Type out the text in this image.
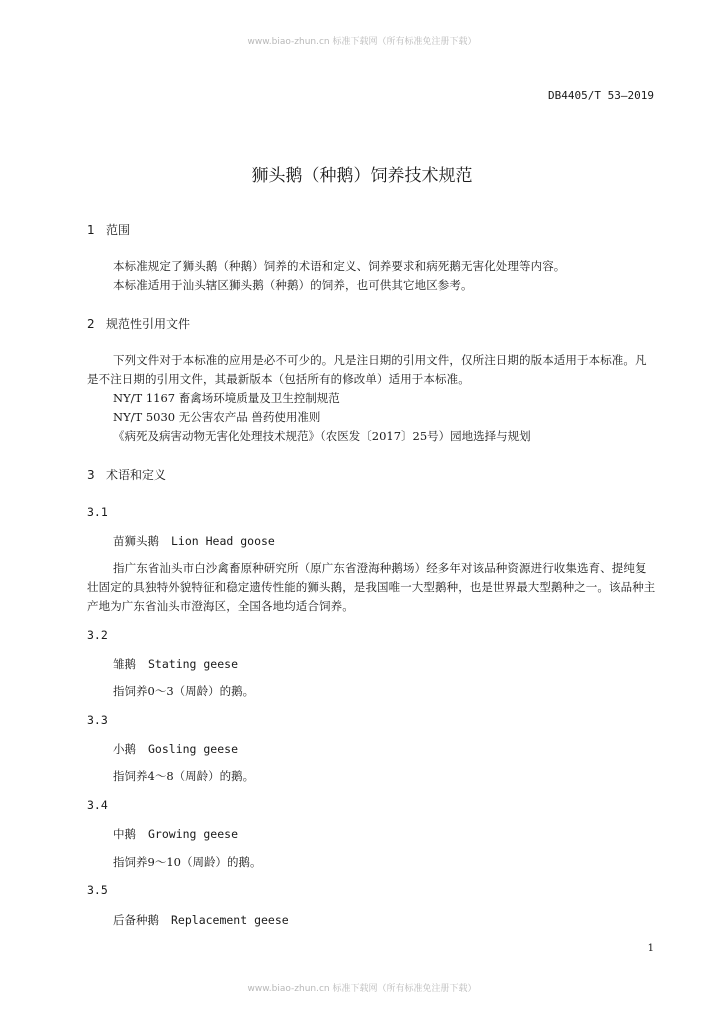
www.biao-zhun.cn 标准下载网（所有标准免注册下载）
DB4405/T 53—2019
狮头鹅（种鹅）饲养技术规范
1 范围
本标准规定了狮头鹅（种鹅）饲养的术语和定义、饲养要求和病死鹅无害化处理等内容。
本标准适用于汕头辖区狮头鹅（种鹅）的饲养，也可供其它地区参考。
2 规范性引用文件
下列文件对于本标准的应用是必不可少的。凡是注日期的引用文件，仅所注日期的版本适用于本标准。凡是不注日期的引用文件，其最新版本（包括所有的修改单）适用于本标准。
NY/T 1167 畜禽场环境质量及卫生控制规范
NY/T 5030 无公害农产品 兽药使用准则
《病死及病害动物无害化处理技术规范》（农医发〔2017〕25号）园地选择与规划
3 术语和定义
3.1
苗狮头鹅 Lion Head goose
指广东省汕头市白沙禽畜原种研究所（原广东省澄海种鹅场）经多年对该品种资源进行收集选育、提纯复壮固定的具独特外貌特征和稳定遗传性能的狮头鹅，是我国唯一大型鹅种，也是世界最大型鹅种之一。该品种主产地为广东省汕头市澄海区，全国各地均适合饲养。
3.2
雏鹅 Stating geese
指饲养0～3（周龄）的鹅。
3.3
小鹅 Gosling geese
指饲养4～8（周龄）的鹅。
3.4
中鹅 Growing geese
指饲养9～10（周龄）的鹅。
3.5
后备种鹅 Replacement geese
1
www.biao-zhun.cn 标准下载网（所有标准免注册下载）
